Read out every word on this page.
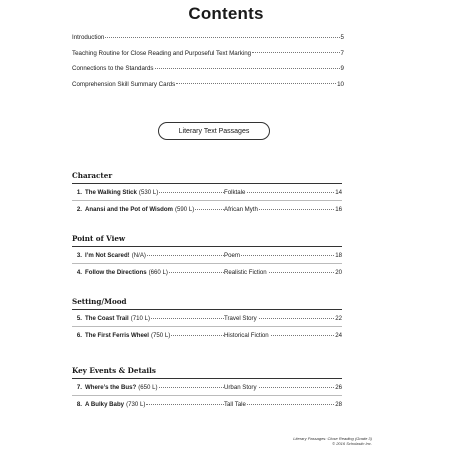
Contents
Introduction	5
Teaching Routine for Close Reading and Purposeful Text Marking	7
Connections to the Standards	9
Comprehension Skill Summary Cards	10
Literary Text Passages
Character
1. The Walking Stick (530 L)	Folktale	14
2. Anansi and the Pot of Wisdom (590 L)	African Myth	16
Point of View
3. I’m Not Scared! (N/A)	Poem	18
4. Follow the Directions (660 L)	Realistic Fiction	20
Setting/Mood
5. The Coast Trail (710 L)	Travel Story	22
6. The First Ferris Wheel (750 L)	Historical Fiction	24
Key Events & Details
7. Where’s the Bus? (650 L)	Urban Story	26
8. A Bulky Baby (730 L)	Tall Tale	28
Literary Passages: Close Reading (Grade 3)
© 2016 Scholastic Inc.
